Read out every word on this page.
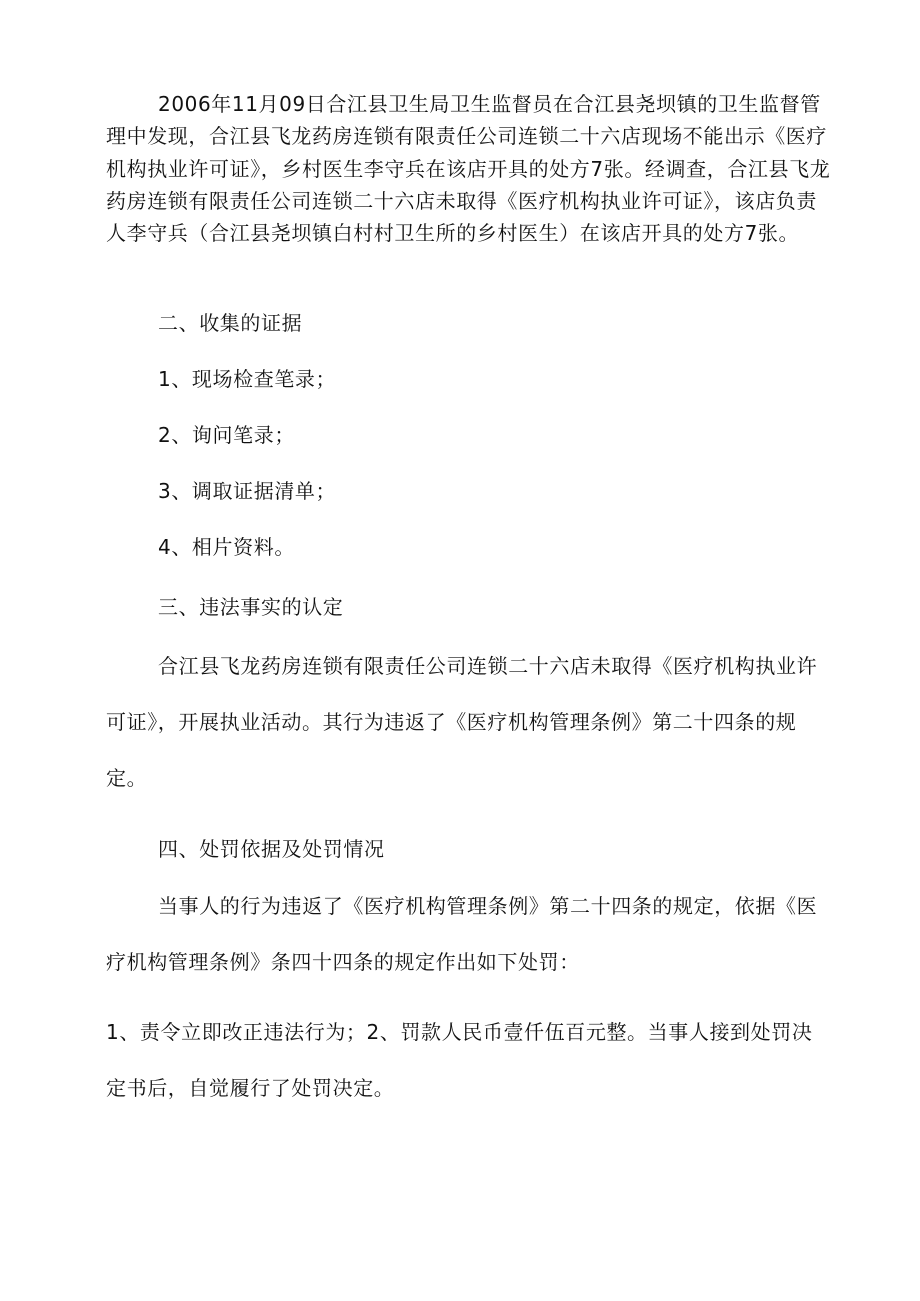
2006年11月09日合江县卫生局卫生监督员在合江县尧坝镇的卫生监督管理中发现，合江县飞龙药房连锁有限责任公司连锁二十六店现场不能出示《医疗机构执业许可证》，乡村医生李守兵在该店开具的处方7张。经调查，合江县飞龙药房连锁有限责任公司连锁二十六店未取得《医疗机构执业许可证》，该店负责人李守兵（合江县尧坝镇白村村卫生所的乡村医生）在该店开具的处方7张。

二、收集的证据

1、现场检查笔录；

2、询问笔录；

3、调取证据清单；

4、相片资料。

三、违法事实的认定

合江县飞龙药房连锁有限责任公司连锁二十六店未取得《医疗机构执业许可证》，开展执业活动。其行为违返了《医疗机构管理条例》第二十四条的规定。

四、处罚依据及处罚情况

当事人的行为违返了《医疗机构管理条例》第二十四条的规定，依据《医疗机构管理条例》条四十四条的规定作出如下处罚：

1、责令立即改正违法行为；2、罚款人民币壹仟伍百元整。当事人接到处罚决定书后，自觉履行了处罚决定。
